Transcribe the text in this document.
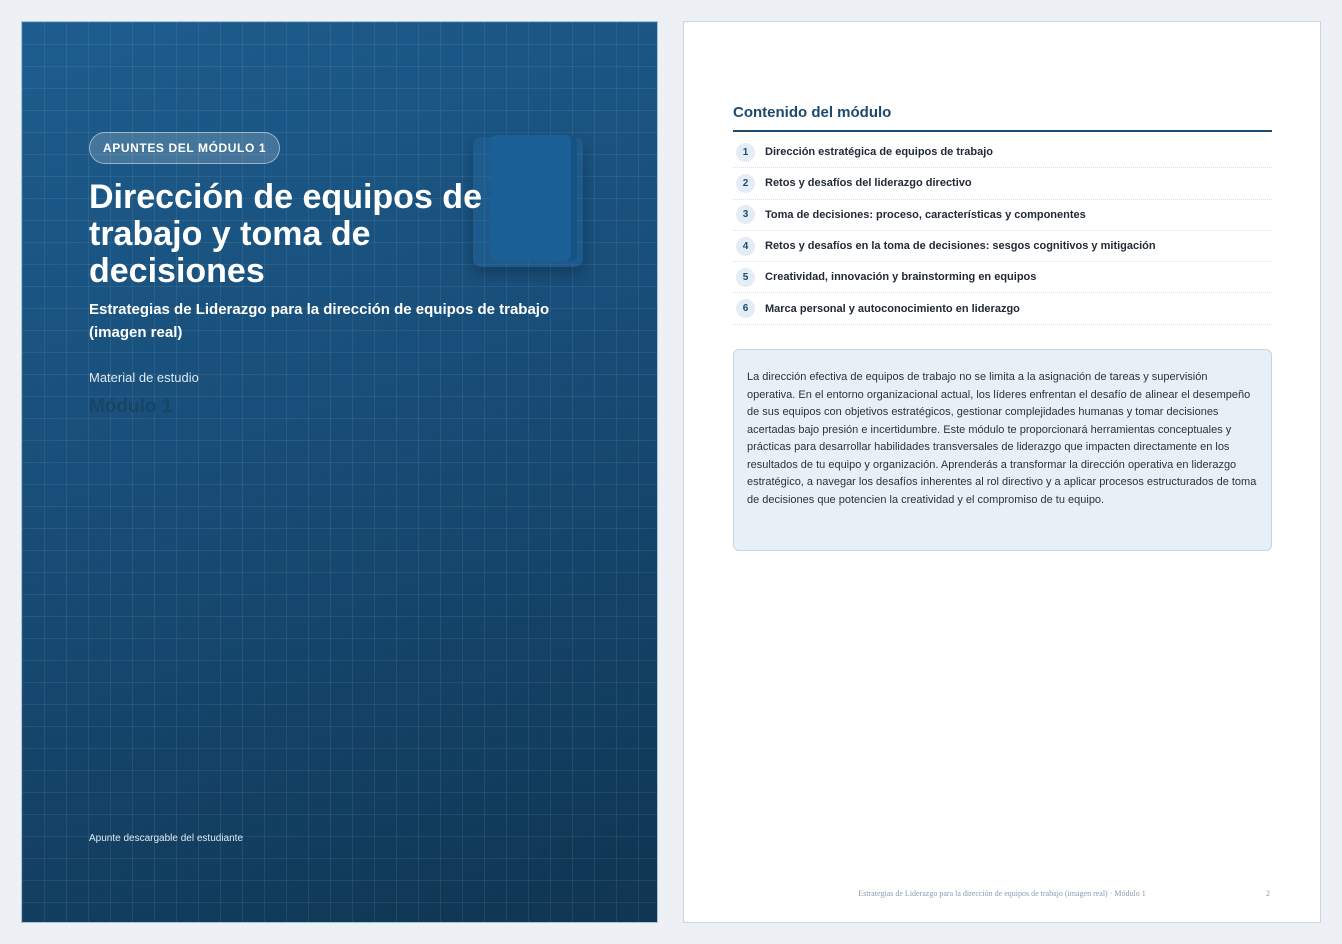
APUNTES DEL MÓDULO 1
Dirección de equipos de trabajo y toma de decisiones
Estrategias de Liderazgo para la dirección de equipos de trabajo (imagen real)
Material de estudio
Módulo 1
Apunte descargable del estudiante
Contenido del módulo
1	Dirección estratégica de equipos de trabajo
2	Retos y desafíos del liderazgo directivo
3	Toma de decisiones: proceso, características y componentes
4	Retos y desafíos en la toma de decisiones: sesgos cognitivos y mitigación
5	Creatividad, innovación y brainstorming en equipos
6	Marca personal y autoconocimiento en liderazgo
La dirección efectiva de equipos de trabajo no se limita a la asignación de tareas y supervisión operativa. En el entorno organizacional actual, los líderes enfrentan el desafío de alinear el desempeño de sus equipos con objetivos estratégicos, gestionar complejidades humanas y tomar decisiones acertadas bajo presión e incertidumbre. Este módulo te proporcionará herramientas conceptuales y prácticas para desarrollar habilidades transversales de liderazgo que impacten directamente en los resultados de tu equipo y organización. Aprenderás a transformar la dirección operativa en liderazgo estratégico, a navegar los desafíos inherentes al rol directivo y a aplicar procesos estructurados de toma de decisiones que potencien la creatividad y el compromiso de tu equipo.
Estrategias de Liderazgo para la dirección de equipos de trabajo (imagen real) · Módulo 1	2
